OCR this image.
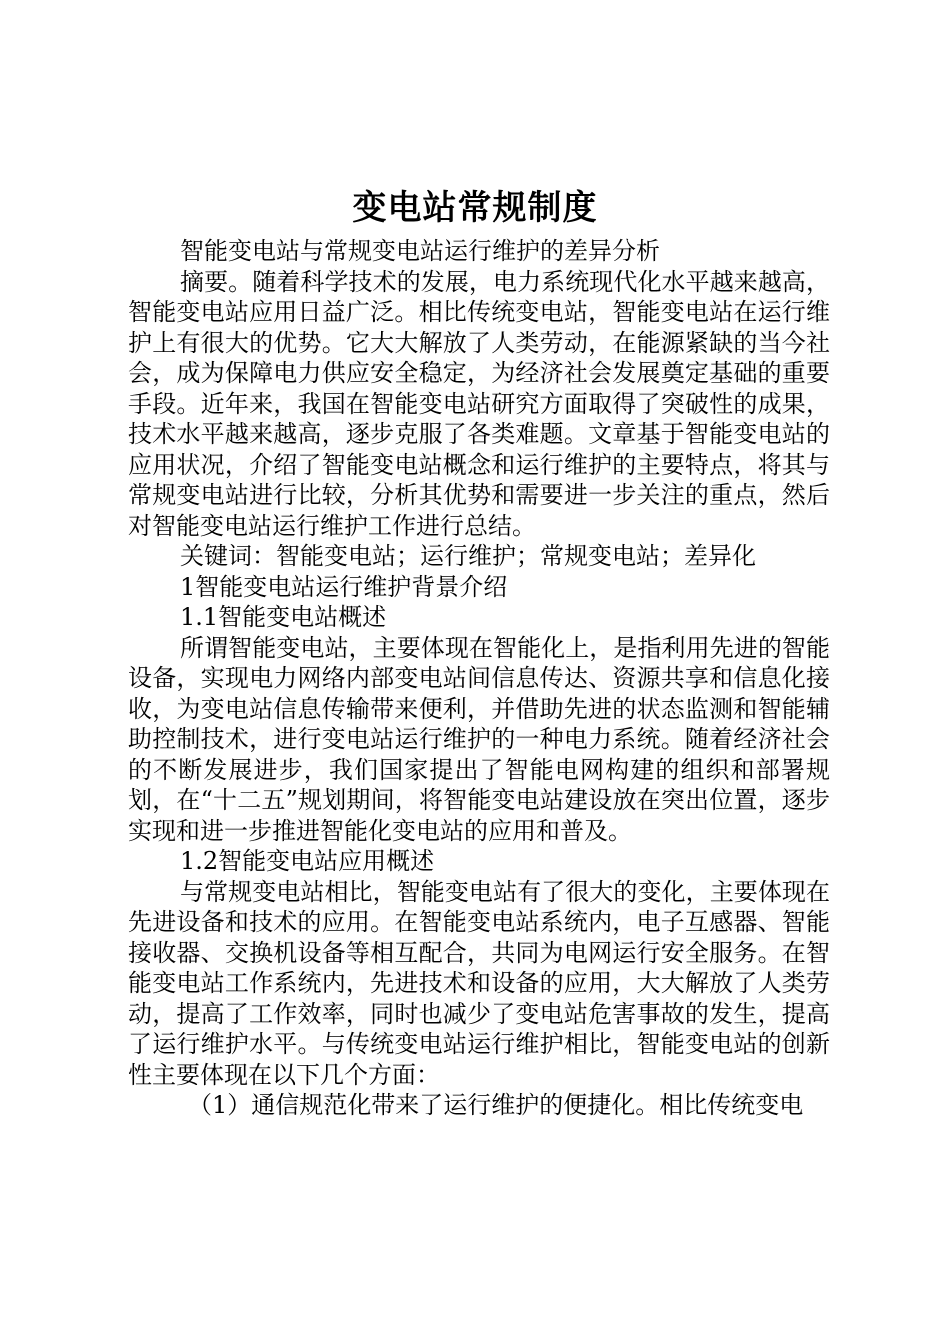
变电站常规制度

智能变电站与常规变电站运行维护的差异分析

摘要。随着科学技术的发展，电力系统现代化水平越来越高，智能变电站应用日益广泛。相比传统变电站，智能变电站在运行维护上有很大的优势。它大大解放了人类劳动，在能源紧缺的当今社会，成为保障电力供应安全稳定，为经济社会发展奠定基础的重要手段。近年来，我国在智能变电站研究方面取得了突破性的成果，技术水平越来越高，逐步克服了各类难题。文章基于智能变电站的应用状况，介绍了智能变电站概念和运行维护的主要特点，将其与常规变电站进行比较，分析其优势和需要进一步关注的重点，然后对智能变电站运行维护工作进行总结。

关键词：智能变电站；运行维护；常规变电站；差异化

1智能变电站运行维护背景介绍

1.1智能变电站概述

所谓智能变电站，主要体现在智能化上，是指利用先进的智能设备，实现电力网络内部变电站间信息传达、资源共享和信息化接收，为变电站信息传输带来便利，并借助先进的状态监测和智能辅助控制技术，进行变电站运行维护的一种电力系统。随着经济社会的不断发展进步，我们国家提出了智能电网构建的组织和部署规划，在“十二五”规划期间，将智能变电站建设放在突出位置，逐步实现和进一步推进智能化变电站的应用和普及。

1.2智能变电站应用概述

与常规变电站相比，智能变电站有了很大的变化，主要体现在先进设备和技术的应用。在智能变电站系统内，电子互感器、智能接收器、交换机设备等相互配合，共同为电网运行安全服务。在智能变电站工作系统内，先进技术和设备的应用，大大解放了人类劳动，提高了工作效率，同时也减少了变电站危害事故的发生，提高了运行维护水平。与传统变电站运行维护相比，智能变电站的创新性主要体现在以下几个方面：

（1）通信规范化带来了运行维护的便捷化。相比传统变电
